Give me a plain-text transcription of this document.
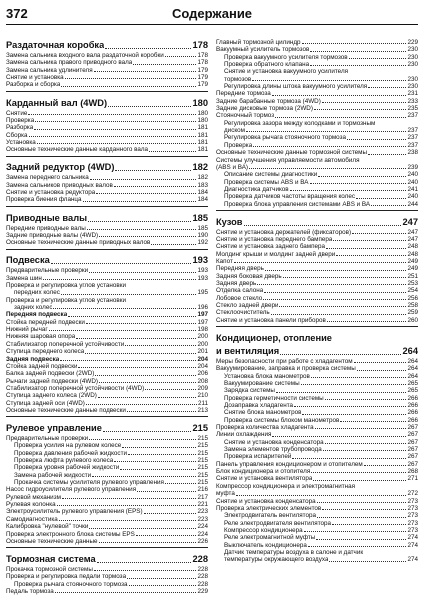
372	Содержание
Раздаточная коробка	178
Замена сальника входного вала раздаточной коробки	178
Замена сальника правого приводного вала	178
Замена сальника удлинителя	179
Снятие и установка	179
Разборка и сборка	179
Карданный вал (4WD)	180
Снятие	180
Проверка	180
Разборка	181
Сборка	181
Установка	181
Основные технические данные карданного вала	181
Задний редуктор (4WD)	182
Замена переднего сальника	182
Замена сальников приводных валов	183
Снятие и установка редуктора	184
Проверка биения фланца	184
Приводные валы	185
Передние приводные валы	185
Задние приводные валы (4WD)	190
Основные технические данные приводных валов	192
Подвеска	193
Предварительные проверки	193
Замена шин	193
Проверка и регулировка углов установки
передних колес	195
Проверка и регулировка углов установки
задних колес	196
Передняя подвеска	197
Стойка передней подвески	197
Нижний рычаг	198
Нижняя шаровая опора	200
Стабилизатор поперечной устойчивости	200
Ступица переднего колеса	201
Задняя подвеска	204
Стойка задней подвески	204
Балка задней подвески (2WD)	206
Рычаги задней подвески (4WD)	208
Стабилизатор поперечной устойчивости (4WD)	209
Ступица заднего колеса (2WD)	210
Ступица задней оси (4WD)	211
Основные технические данные подвески	213
Рулевое управление	215
Предварительные проверки	215
Проверка усилия на рулевом колесе	215
Проверка давления рабочей жидкости	215
Проверка люфта рулевого колеса	215
Проверка уровня рабочей жидкости	215
Замена рабочей жидкости	215
Прокачка системы усилителя рулевого управления	215
Насос гидроусилителя рулевого управления	216
Рулевой механизм	217
Рулевая колонка	221
Электроусилитель рулевого управления (EPS)	223
Самодиагностика	223
Калибровка "нулевой" точки	224
Проверка электронного блока системы EPS	224
Основные технические данные	226
Тормозная система	228
Прокачка тормозной системы	228
Проверка и регулировка педали тормоза	228
Проверка рычага стояночного тормоза	228
Педаль тормоза	229
Главный тормозной цилиндр	229
Вакуумный усилитель тормозов	230
Проверка вакуумного усилителя тормозов	230
Проверка обратного клапана	230
Снятие и установка вакуумного усилителя
тормозов	230
Регулировка длины штока вакуумного усилителя	230
Передние тормоза	231
Задние барабанные тормоза (4WD)	233
Задние дисковые тормоза (2WD)	235
Стояночный тормоз	237
Регулировка зазора между колодками и тормозным
диском	237
Регулировка рычага стояночного тормоза	237
Проверка	237
Основные технические данные тормозной системы	238
Системы улучшения управляемости автомобиля
(ABS и ВА)	239
Описание системы диагностики	240
Проверка системы ABS и ВА	240
Диагностика датчиков	241
Проверка датчиков частоты вращения колес	240
Проверка блока управления системами ABS и ВА	244
Кузов	247
Снятие и установка держателей (фиксаторов)	247
Снятие и установка переднего бампера	247
Снятие и установка заднего бампера	248
Молдинг крыши и молдинг задней двери	248
Капот	249
Передняя дверь	249
Задняя боковая дверь	251
Задняя дверь	253
Отделка салона	254
Лобовое стекло	256
Стекло задней двери	258
Стеклоочиститель	259
Снятие и установка панели приборов	260
Кондиционер, отопление
и вентиляция	264
Меры безопасности при работе с хладагентом	264
Вакуумирование, заправка и проверка системы	264
Установка блока манометров	264
Вакуумирование системы	265
Зарядка системы	265
Проверка герметичности системы	266
Дозаправка хладагента	266
Снятие блока манометров	266
Проверка системы блоком манометров	266
Проверка количества хладагента	267
Линии охлаждения	267
Снятие и установка конденсатора	267
Замена элементов трубопровода	267
Проверка испарителей	267
Панель управления кондиционером и отопителем	267
Блок кондиционера и отопителя	268
Снятие и установка вентилятора	271
Компрессор кондиционера и электромагнитная
муфта	272
Снятие и установка конденсатора	273
Проверка электрических элементов	273
Электродвигатель вентилятора	273
Реле электродвигателя вентилятора	273
Компрессор кондиционера	273
Реле электромагнитной муфты	274
Выключатель кондиционера	274
Датчик температуры воздуха в салоне и датчик
температуры окружающего воздуха	274
